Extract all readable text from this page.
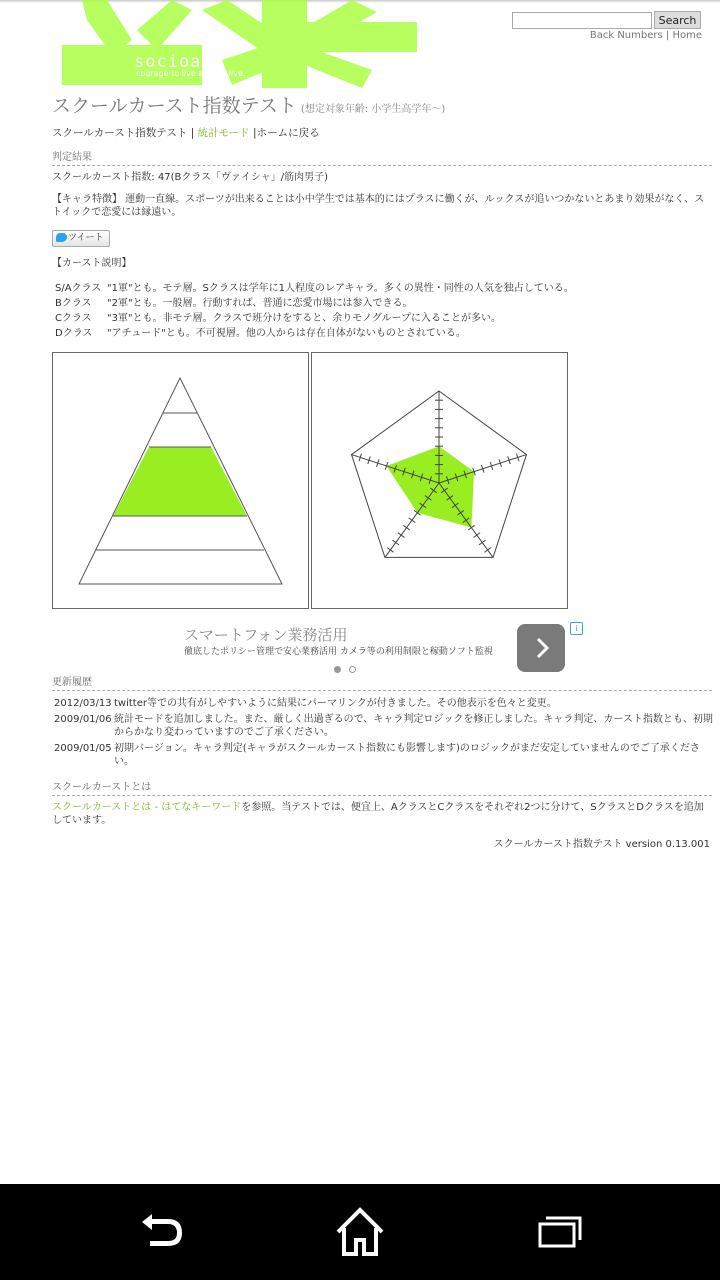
socioarc
courage to live and let live.
Search
Back Numbers | Home
スクールカースト指数テスト (想定対象年齢: 小学生高学年〜)
スクールカースト指数テスト | 統計モード |ホームに戻る
判定結果
スクールカースト指数: 47(Bクラス「ヴァイシャ」/筋肉男子)
【キャラ特徴】 運動一直線。スポーツが出来ることは小中学生では基本的にはプラスに働くが、ルックスが追いつかないとあまり効果がなく、ストイックで恋愛には縁遠い。
ツイート
【カースト説明】
S/Aクラス	"1軍"とも。モテ層。Sクラスは学年に1人程度のレアキャラ。多くの異性・同性の人気を独占している。
Bクラス	"2軍"とも。一般層。行動すれば、普通に恋愛市場には参入できる。
Cクラス	"3軍"とも。非モテ層。クラスで班分けをすると、余りモノグループに入ることが多い。
Dクラス	"アチュード"とも。不可視層。他の人からは存在自体がないものとされている。
スマートフォン業務活用
徹底したポリシー管理で安心業務活用 カメラ等の利用制限と稼動ソフト監視
i
更新履歴
2012/03/13	twitter等での共有がしやすいように結果にパーマリンクが付きました。その他表示を色々と変更。
2009/01/06	統計モードを追加しました。また、厳しく出過ぎるので、キャラ判定ロジックを修正しました。キャラ判定、カースト指数とも、初期からかなり変わっていますのでご了承ください。
2009/01/05	初期バージョン。キャラ判定(キャラがスクールカースト指数にも影響します)のロジックがまだ安定していませんのでご了承ください。
スクールカーストとは
スクールカーストとは - はてなキーワードを参照。当テストでは、便宜上、AクラスとCクラスをそれぞれ2つに分けて、SクラスとDクラスを追加しています。
スクールカースト指数テスト version 0.13.001
